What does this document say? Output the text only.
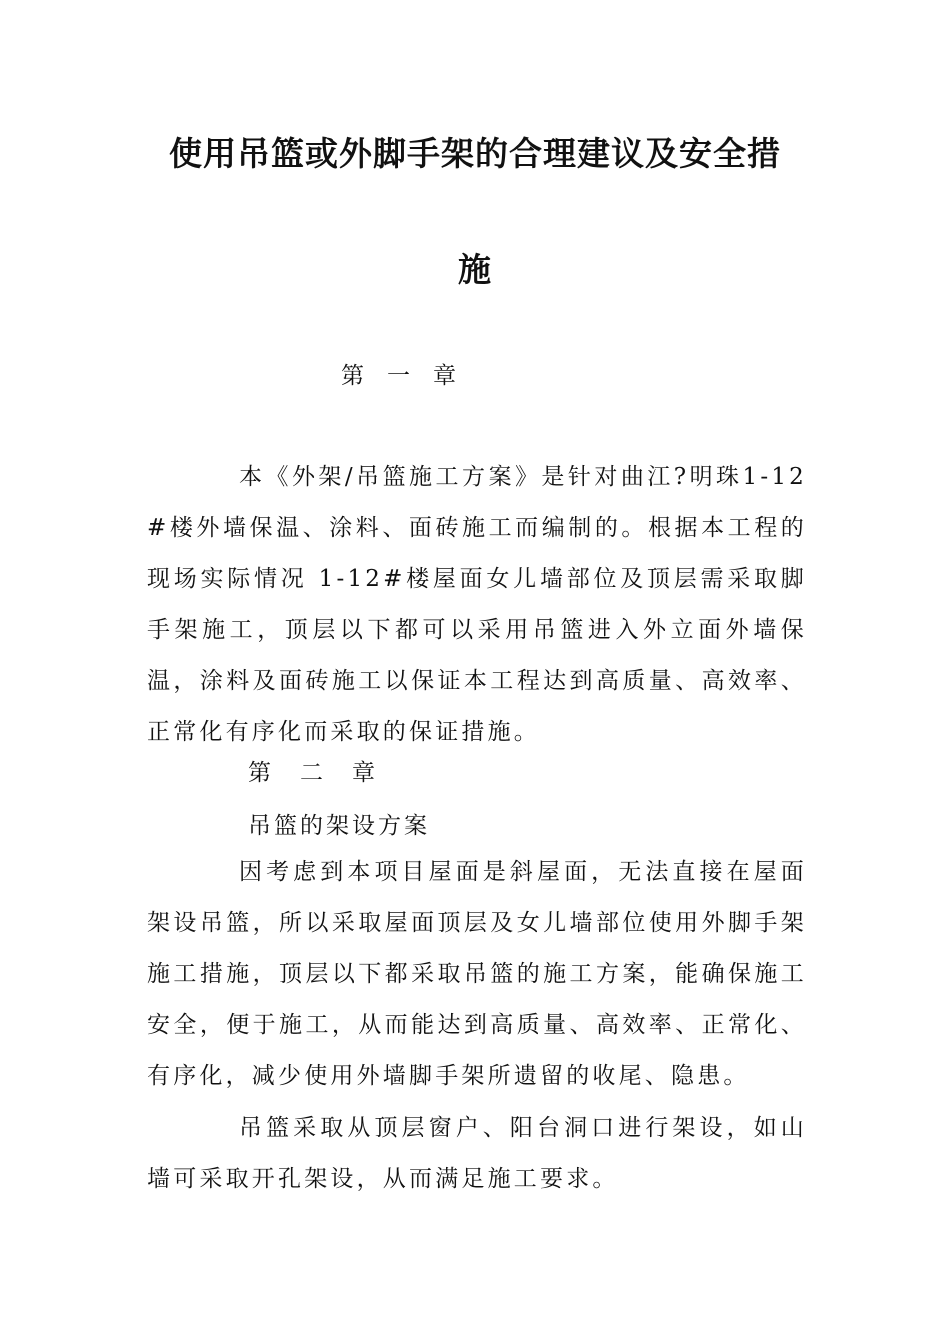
使用吊篮或外脚手架的合理建议及安全措
施
第　一　章
本《外架/吊篮施工方案》是针对曲江?明珠1-12#楼外墙保温、涂料、面砖施工而编制的。根据本工程的现场实际情况 1-12#楼屋面女儿墙部位及顶层需采取脚手架施工，顶层以下都可以采用吊篮进入外立面外墙保温，涂料及面砖施工以保证本工程达到高质量、高效率、正常化有序化而采取的保证措施。
第　二　章
吊篮的架设方案
因考虑到本项目屋面是斜屋面，无法直接在屋面架设吊篮，所以采取屋面顶层及女儿墙部位使用外脚手架施工措施，顶层以下都采取吊篮的施工方案，能确保施工安全，便于施工，从而能达到高质量、高效率、正常化、有序化，减少使用外墙脚手架所遗留的收尾、隐患。
吊篮采取从顶层窗户、阳台洞口进行架设，如山墙可采取开孔架设，从而满足施工要求。
